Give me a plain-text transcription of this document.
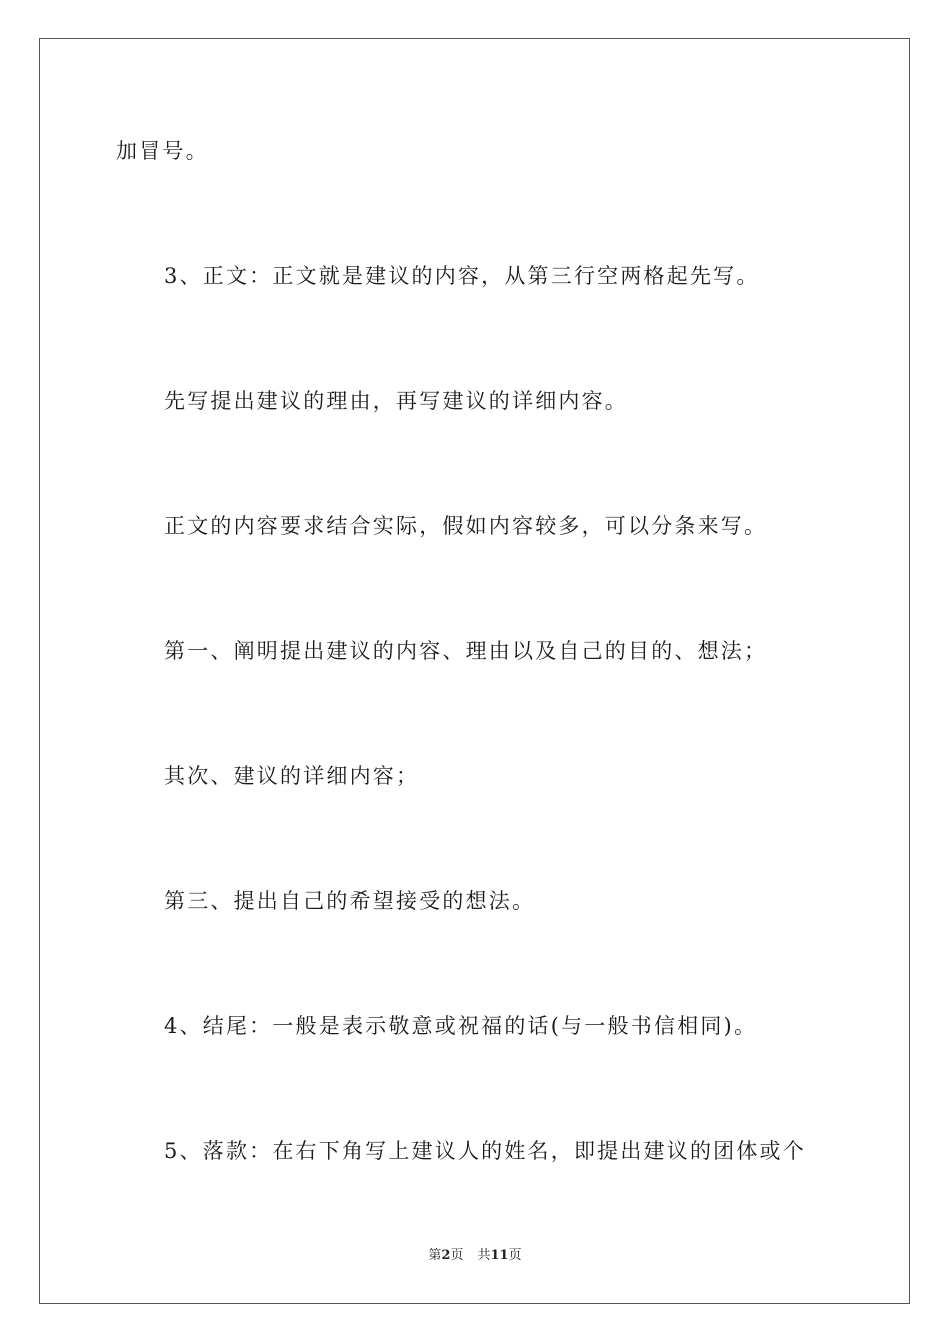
加冒号。
3、正文：正文就是建议的内容，从第三行空两格起先写。
先写提出建议的理由，再写建议的详细内容。
正文的内容要求结合实际，假如内容较多，可以分条来写。
第一、阐明提出建议的内容、理由以及自己的目的、想法；
其次、建议的详细内容；
第三、提出自己的希望接受的想法。
4、结尾：一般是表示敬意或祝福的话(与一般书信相同)。
5、落款：在右下角写上建议人的姓名，即提出建议的团体或个
第2页 共11页
